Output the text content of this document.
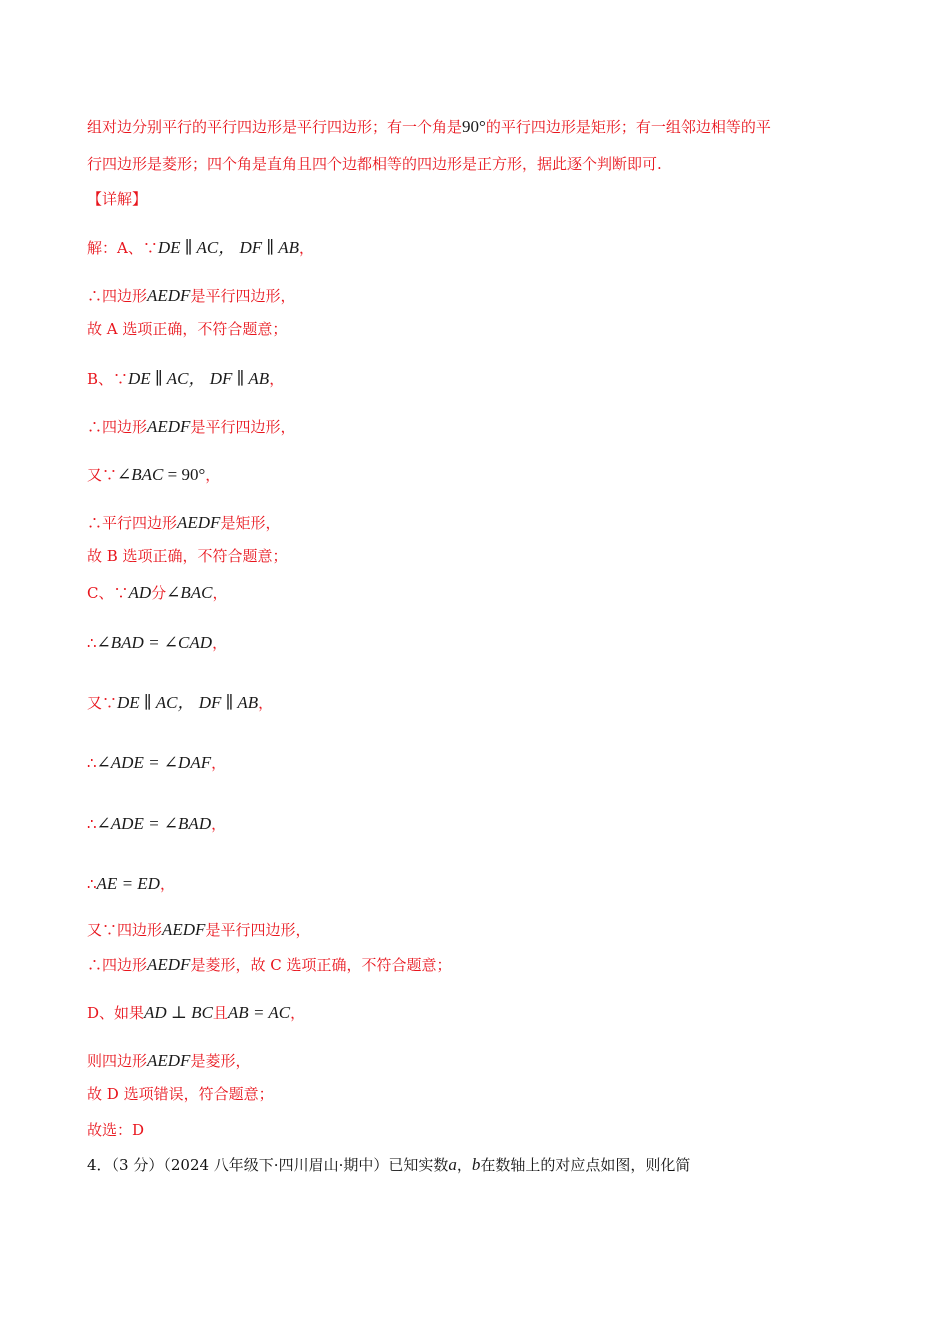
组对边分别平行的平行四边形是平行四边形；有一个角是90°的平行四边形是矩形；有一组邻边相等的平
行四边形是菱形；四个角是直角且四个边都相等的四边形是正方形，据此逐个判断即可.
【详解】
解：A、∵DE ∥ AC， DF ∥ AB，
∴四边形AEDF是平行四边形，
故 A 选项正确，不符合题意；
B、∵DE ∥ AC， DF ∥ AB，
∴四边形AEDF是平行四边形，
又∵∠BAC = 90°，
∴平行四边形AEDF是矩形，
故 B 选项正确，不符合题意；
C、∵AD分∠BAC，
∴∠BAD = ∠CAD，
又∵DE ∥ AC， DF ∥ AB，
∴∠ADE = ∠DAF，
∴∠ADE = ∠BAD，
∴AE = ED，
又∵四边形AEDF是平行四边形，
∴四边形AEDF是菱形，故 C 选项正确，不符合题意；
D、如果AD ⊥ BC且AB = AC，
则四边形AEDF是菱形，
故 D 选项错误，符合题意；
故选：D
4．（3 分）（2024 八年级下·四川眉山·期中）已知实数a，b在数轴上的对应点如图，则化简
